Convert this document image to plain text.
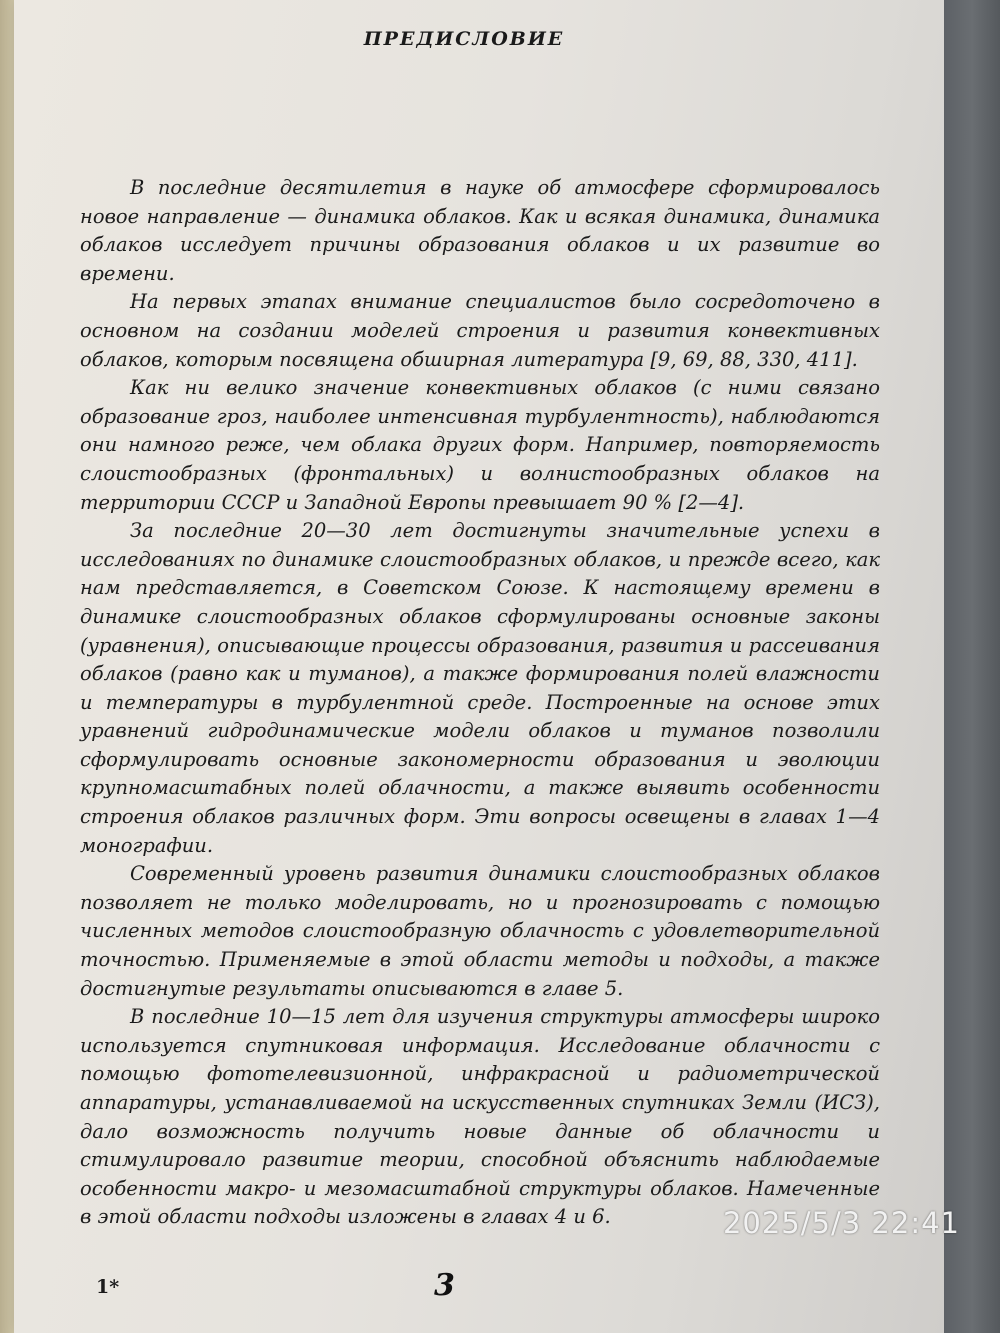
ПРЕДИСЛОВИЕ

В последние десятилетия в науке об атмосфере сформировалось новое направление — динамика облаков. Как и всякая динамика, динамика облаков исследует причины образования облаков и их развитие во времени.

На первых этапах внимание специалистов было сосредоточено в основном на создании моделей строения и развития конвективных облаков, которым посвящена обширная литература [9, 69, 88, 330, 411].

Как ни велико значение конвективных облаков (с ними связано образование гроз, наиболее интенсивная турбулентность), наблюдаются они намного реже, чем облака других форм. Например, повторяемость слоистообразных (фронтальных) и волнистообразных облаков на территории СССР и Западной Европы превышает 90 % [2—4].

За последние 20—30 лет достигнуты значительные успехи в исследованиях по динамике слоистообразных облаков, и прежде всего, как нам представляется, в Советском Союзе. К настоящему времени в динамике слоистообразных облаков сформулированы основные законы (уравнения), описывающие процессы образования, развития и рассеивания облаков (равно как и туманов), а также формирования полей влажности и температуры в турбулентной среде. Построенные на основе этих уравнений гидродинамические модели облаков и туманов позволили сформулировать основные закономерности образования и эволюции крупномасштабных полей облачности, а также выявить особенности строения облаков различных форм. Эти вопросы освещены в главах 1—4 монографии.

Современный уровень развития динамики слоистообразных облаков позволяет не только моделировать, но и прогнозировать с помощью численных методов слоистообразную облачность с удовлетворительной точностью. Применяемые в этой области методы и подходы, а также достигнутые результаты описываются в главе 5.

В последние 10—15 лет для изучения структуры атмосферы широко используется спутниковая информация. Исследование облачности с помощью фототелевизионной, инфракрасной и радиометрической аппаратуры, устанавливаемой на искусственных спутниках Земли (ИСЗ), дало возможность получить новые данные об облачности и стимулировало развитие теории, способной объяснить наблюдаемые особенности макро- и мезомасштабной структуры облаков. Намеченные в этой области подходы изложены в главах 4 и 6.

1*	3
2025/5/3 22:41
